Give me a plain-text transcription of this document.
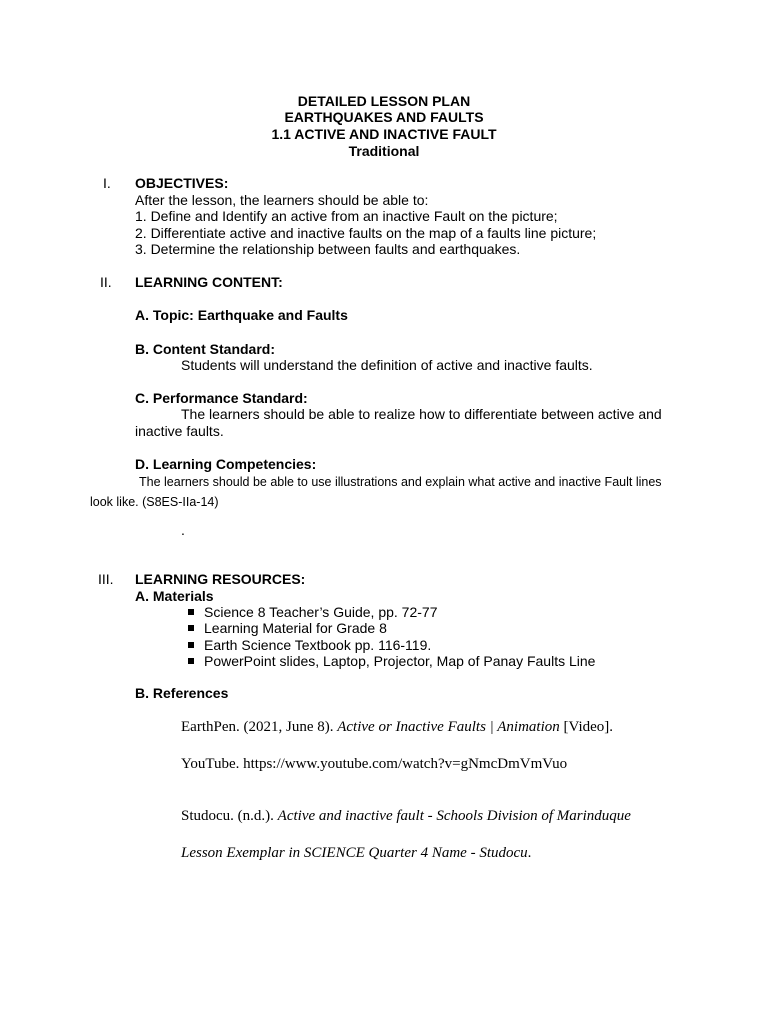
DETAILED LESSON PLAN
EARTHQUAKES AND FAULTS
1.1 ACTIVE AND INACTIVE FAULT
Traditional
I. OBJECTIVES:
After the lesson, the learners should be able to:
1. Define and Identify an active from an inactive Fault on the picture;
2. Differentiate active and inactive faults on the map of a faults line picture;
3. Determine the relationship between faults and earthquakes.
II. LEARNING CONTENT:
A. Topic: Earthquake and Faults
B. Content Standard:
Students will understand the definition of active and inactive faults.
C. Performance Standard:
The learners should be able to realize how to differentiate between active and
inactive faults.
D. Learning Competencies:
The learners should be able to use illustrations and explain what active and inactive Fault lines
look like. (S8ES-IIa-14)
.
III. LEARNING RESOURCES:
A. Materials
Science 8 Teacher’s Guide, pp. 72-77
Learning Material for Grade 8
Earth Science Textbook pp. 116-119.
PowerPoint slides, Laptop, Projector, Map of Panay Faults Line
B. References
EarthPen. (2021, June 8). Active or Inactive Faults | Animation [Video].
YouTube. https://www.youtube.com/watch?v=gNmcDmVmVuo
Studocu. (n.d.). Active and inactive fault - Schools Division of Marinduque
Lesson Exemplar in SCIENCE Quarter 4 Name - Studocu.
